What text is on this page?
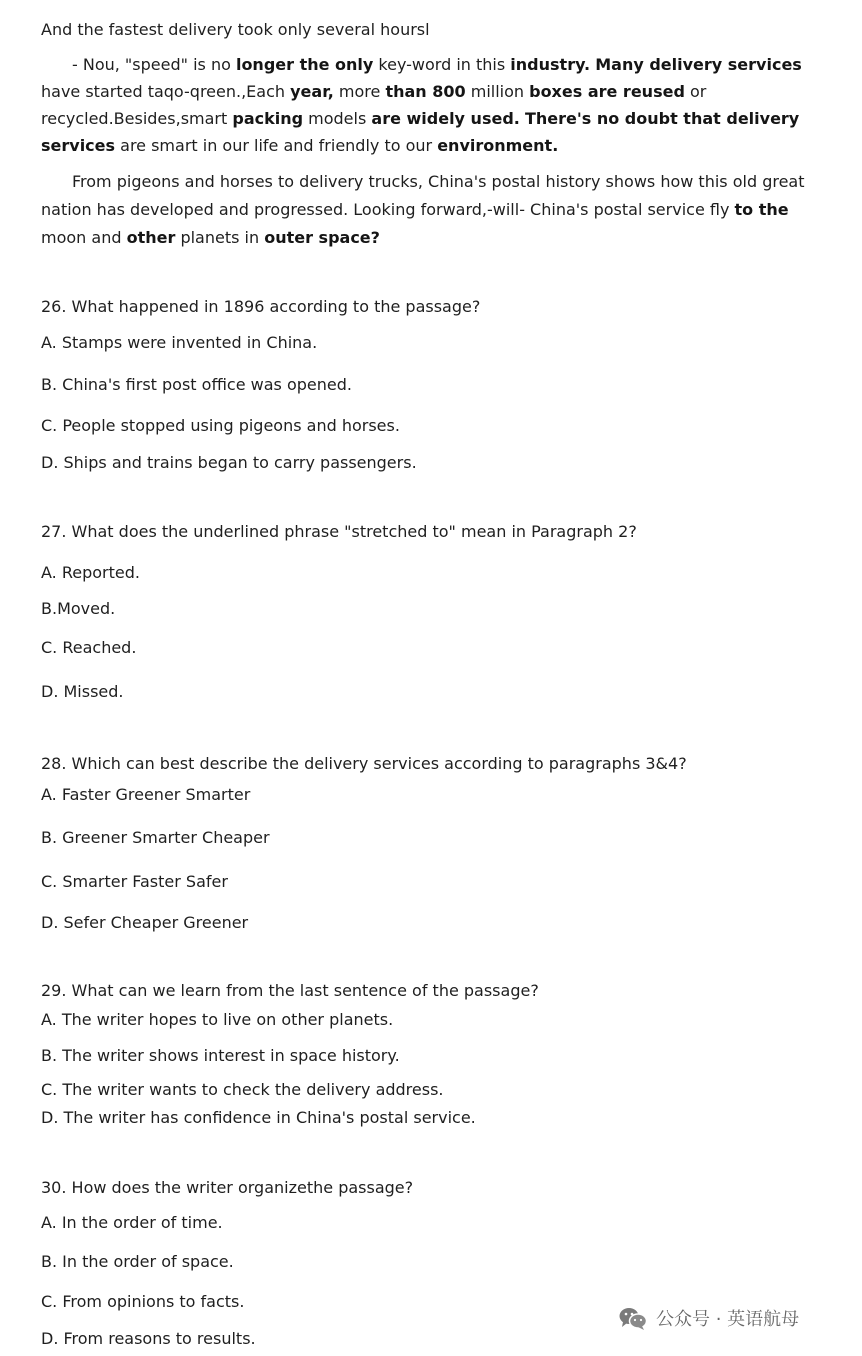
And the fastest delivery took only several hoursl
- Nou, "speed" is no longer the only key-word in this industry. Many delivery services
have started taqo-qreen.,Each year, more than 800 million boxes are reused or
recycled.Besides,smart packing models are widely used. There's no doubt that delivery
services are smart in our life and friendly to our environment.
From pigeons and horses to delivery trucks, China's postal history shows how this old great
nation has developed and progressed. Looking forward,-will- China's postal service fly to the
moon and other planets in outer space?
26. What happened in 1896 according to the passage?
A. Stamps were invented in China.
B. China's first post office was opened.
C. People stopped using pigeons and horses.
D. Ships and trains began to carry passengers.
27. What does the underlined phrase "stretched to" mean in Paragraph 2?
A. Reported.
B.Moved.
C. Reached.
D. Missed.
28. Which can best describe the delivery services according to paragraphs 3&4?
A. Faster Greener Smarter
B. Greener Smarter Cheaper
C. Smarter Faster Safer
D. Sefer Cheaper Greener
29. What can we learn from the last sentence of the passage?
A. The writer hopes to live on other planets.
B. The writer shows interest in space history.
C. The writer wants to check the delivery address.
D. The writer has confidence in China's postal service.
30. How does the writer organizethe passage?
A. In the order of time.
B. In the order of space.
C. From opinions to facts.
D. From reasons to results.
公众号 · 英语航母
